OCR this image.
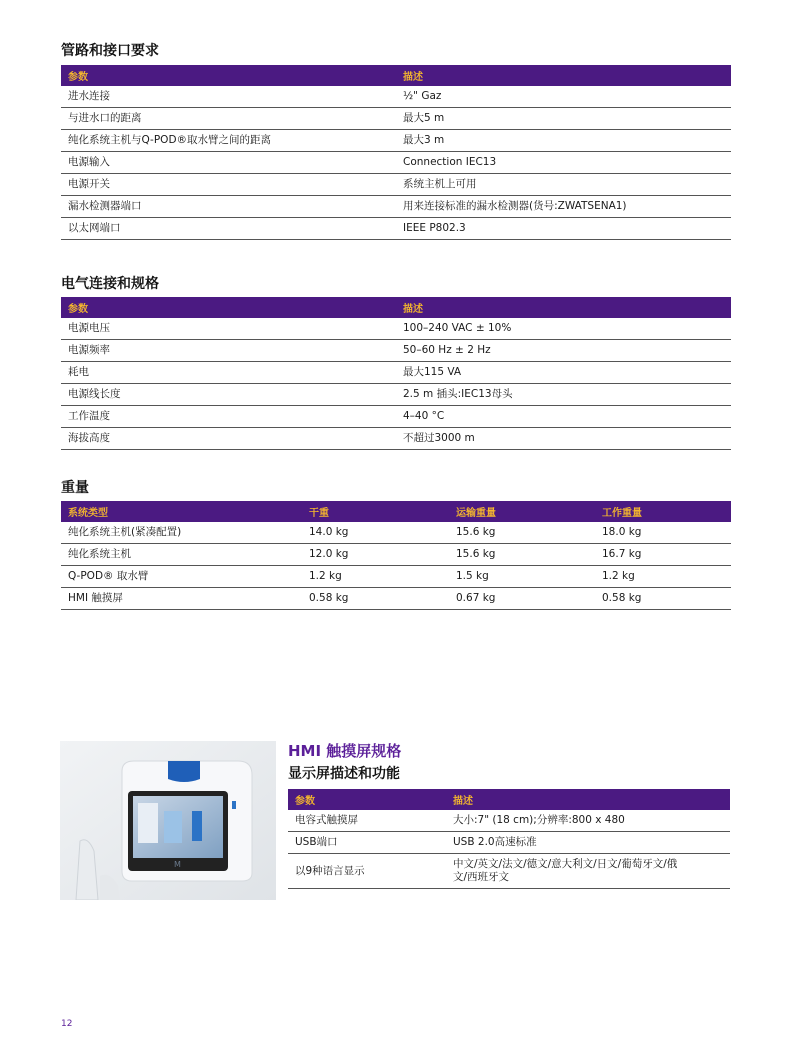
管路和接口要求
参数	描述
进水连接	½" Gaz
与进水口的距离	最大5 m
纯化系统主机与Q-POD®取水臂之间的距离	最大3 m
电源输入	Connection IEC13
电源开关	系统主机上可用
漏水检测器端口	用来连接标准的漏水检测器(货号:ZWATSENA1)
以太网端口	IEEE P802.3
电气连接和规格
参数	描述
电源电压	100–240 VAC ± 10%
电源频率	50–60 Hz ± 2 Hz
耗电	最大115 VA
电源线长度	2.5 m 插头:IEC13母头
工作温度	4–40 °C
海拔高度	不超过3000 m
重量
系统类型	干重	运输重量	工作重量
纯化系统主机(紧凑配置)	14.0 kg	15.6 kg	18.0 kg
纯化系统主机	12.0 kg	15.6 kg	16.7 kg
Q-POD® 取水臂	1.2 kg	1.5 kg	1.2 kg
HMI 触摸屏	0.58 kg	0.67 kg	0.58 kg
M
HMI 触摸屏规格
显示屏描述和功能
参数	描述
电容式触摸屏	大小:7" (18 cm);分辨率:800 x 480
USB端口	USB 2.0高速标准
以9种语言显示	中文/英文/法文/德文/意大利文/日文/葡萄牙文/俄文/西班牙文
12
